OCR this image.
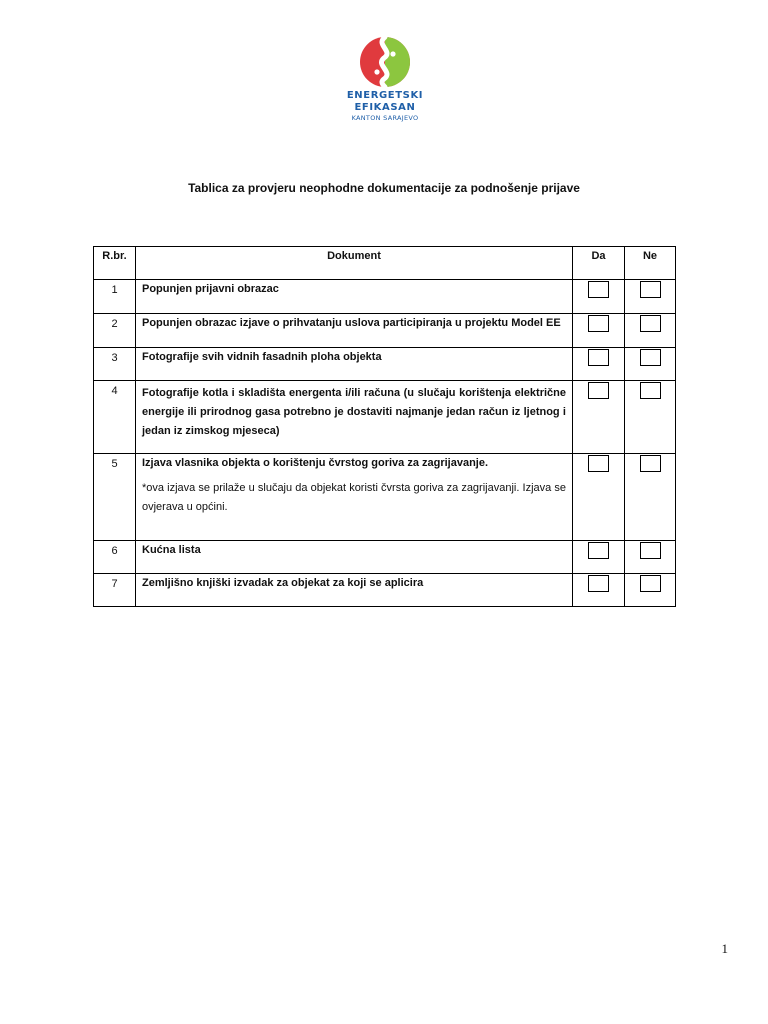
ENERGETSKI
EFIKASAN
KANTON SARAJEVO
Tablica za provjeru neophodne dokumentacije za podnošenje prijave
R.br.	Dokument	Da	Ne
1	Popunjen prijavni obrazac		
2	Popunjen obrazac izjave o prihvatanju uslova participiranja u projektu Model EE		
3	Fotografije svih vidnih fasadnih ploha objekta		
4	Fotografije kotla i skladišta energenta i/ili računa (u slučaju korištenja električne energije ili prirodnog gasa potrebno je dostaviti najmanje jedan račun iz ljetnog i jedan iz zimskog mjeseca)		
5	Izjava vlasnika objekta o korištenju čvrstog goriva za zagrijavanje.
*ova izjava se prilaže u slučaju da objekat koristi čvrsta goriva za zagrijavanji. Izjava se ovjerava u općini.		

6	Kućna lista		
7	Zemljišno knjiški izvadak za objekat za koji se aplicira		
1
